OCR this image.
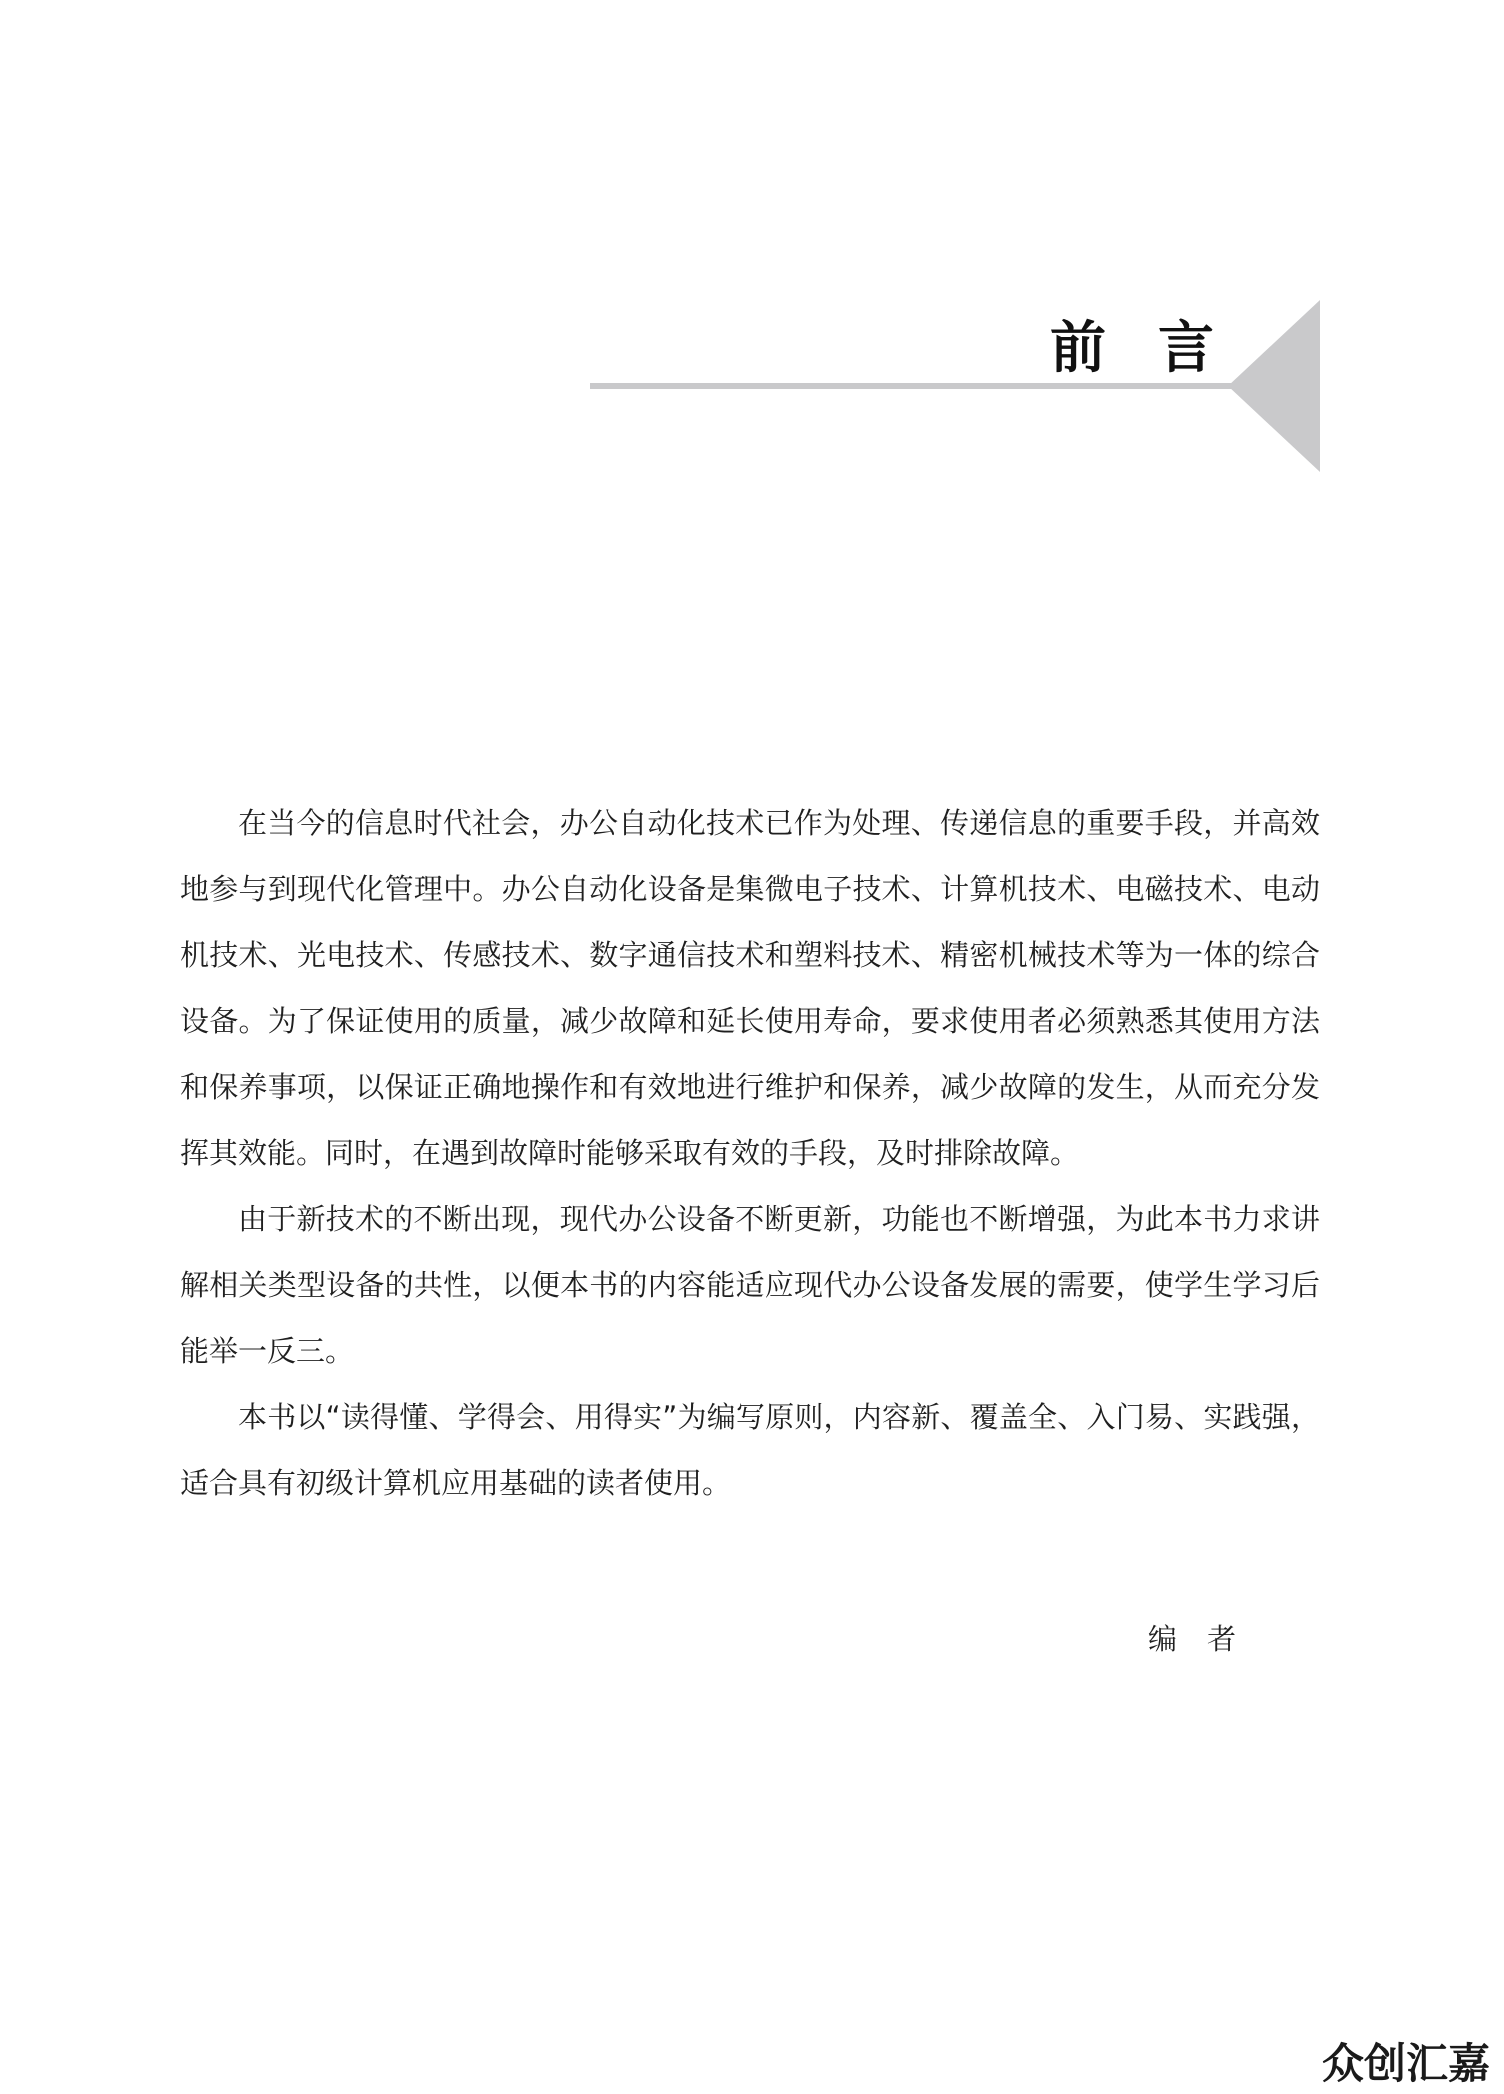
前言

在当今的信息时代社会，办公自动化技术已作为处理、传递信息的重要手段，并高效地参与到现代化管理中。办公自动化设备是集微电子技术、计算机技术、电磁技术、电动机技术、光电技术、传感技术、数字通信技术和塑料技术、精密机械技术等为一体的综合设备。为了保证使用的质量，减少故障和延长使用寿命，要求使用者必须熟悉其使用方法和保养事项，以保证正确地操作和有效地进行维护和保养，减少故障的发生，从而充分发挥其效能。同时，在遇到故障时能够采取有效的手段，及时排除故障。

由于新技术的不断出现，现代办公设备不断更新，功能也不断增强，为此本书力求讲解相关类型设备的共性，以便本书的内容能适应现代办公设备发展的需要，使学生学习后能举一反三。

本书以“读得懂、学得会、用得实”为编写原则，内容新、覆盖全、入门易、实践强，适合具有初级计算机应用基础的读者使用。

编者
众创汇嘉
